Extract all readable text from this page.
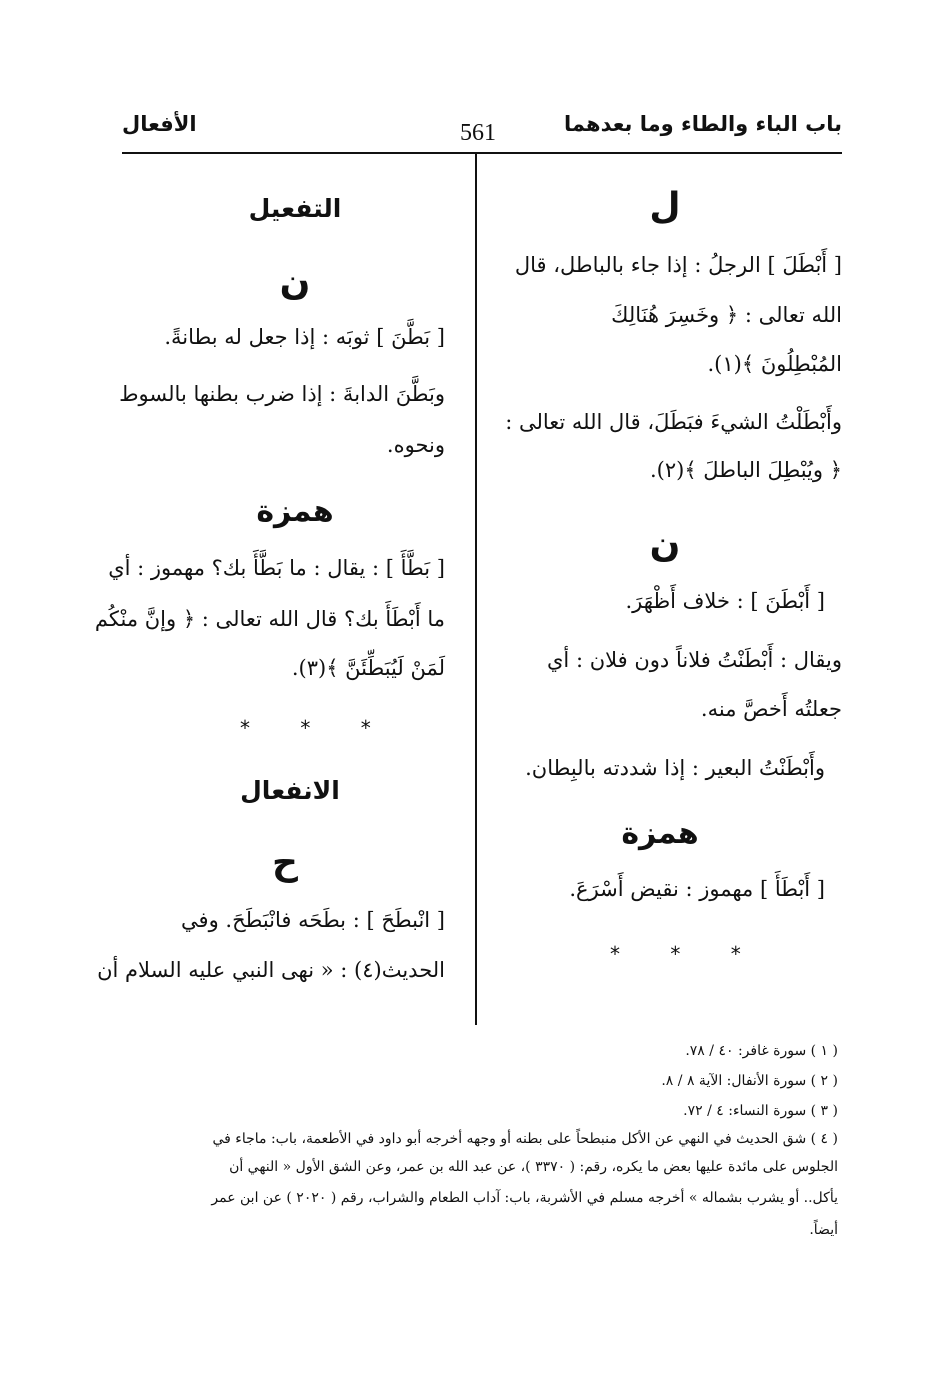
باب الباء والطاء وما بعدهما
561
الأفعال
ل
[ أَبْطَلَ ] الرجلُ : إذا جاء بالباطل، قال
الله تعالى : ﴿ وخَسِرَ هُنَالِكَ
المُبْطِلُونَ ﴾(١).
وأَبْطَلْتُ الشيءَ فبَطَلَ، قال الله تعالى :
﴿ ويُبْطِلَ الباطلَ ﴾(٢).
ن
[ أَبْطَنَ ] : خلاف أَظْهَرَ.
ويقال : أَبْطَنْتُ فلاناً دون فلان : أي
جعلتُه أَخصَّ منه.
وأَبْطَنْتُ البعير : إذا شددته بالبِطان.
همزة
[ أَبْطَأَ ] مهموز : نقيض أَسْرَعَ.
* * *
التفعيل
ن
[ بَطَّنَ ] ثوبَه : إذا جعل له بطانةً.
وبَطَّنَ الدابةَ : إذا ضرب بطنها بالسوط
ونحوه.
همزة
[ بَطَّأَ ] : يقال : ما بَطَّأَ بك؟ مهموز : أي
ما أَبْطَأَ بك؟ قال الله تعالى : ﴿ وإنَّ منْكُم
لَمَنْ لَيُبَطِّئَنَّ ﴾(٣).
* * *
الانفعال
ح
[ انْبطَحَ ] : بطَحَه فانْبَطَحَ. وفي
الحديث(٤) : « نهى النبي عليه السلام أن
( ١ ) سورة غافر: ٤٠ / ٧٨.
( ٢ ) سورة الأنفال: الآية ٨ / ٨.
( ٣ ) سورة النساء: ٤ / ٧٢.
( ٤ ) شق الحديث في النهي عن الأكل منبطحاً على بطنه أو وجهه أخرجه أبو داود في الأطعمة، باب: ماجاء في
الجلوس على مائدة عليها بعض ما يكره، رقم: ( ٣٣٧٠ )، عن عبد الله بن عمر، وعن الشق الأول « النهي أن
يأكل.. أو يشرب بشماله » أخرجه مسلم في الأشربة، باب: آداب الطعام والشراب، رقم ( ٢٠٢٠ ) عن ابن عمر
أيضاً.
